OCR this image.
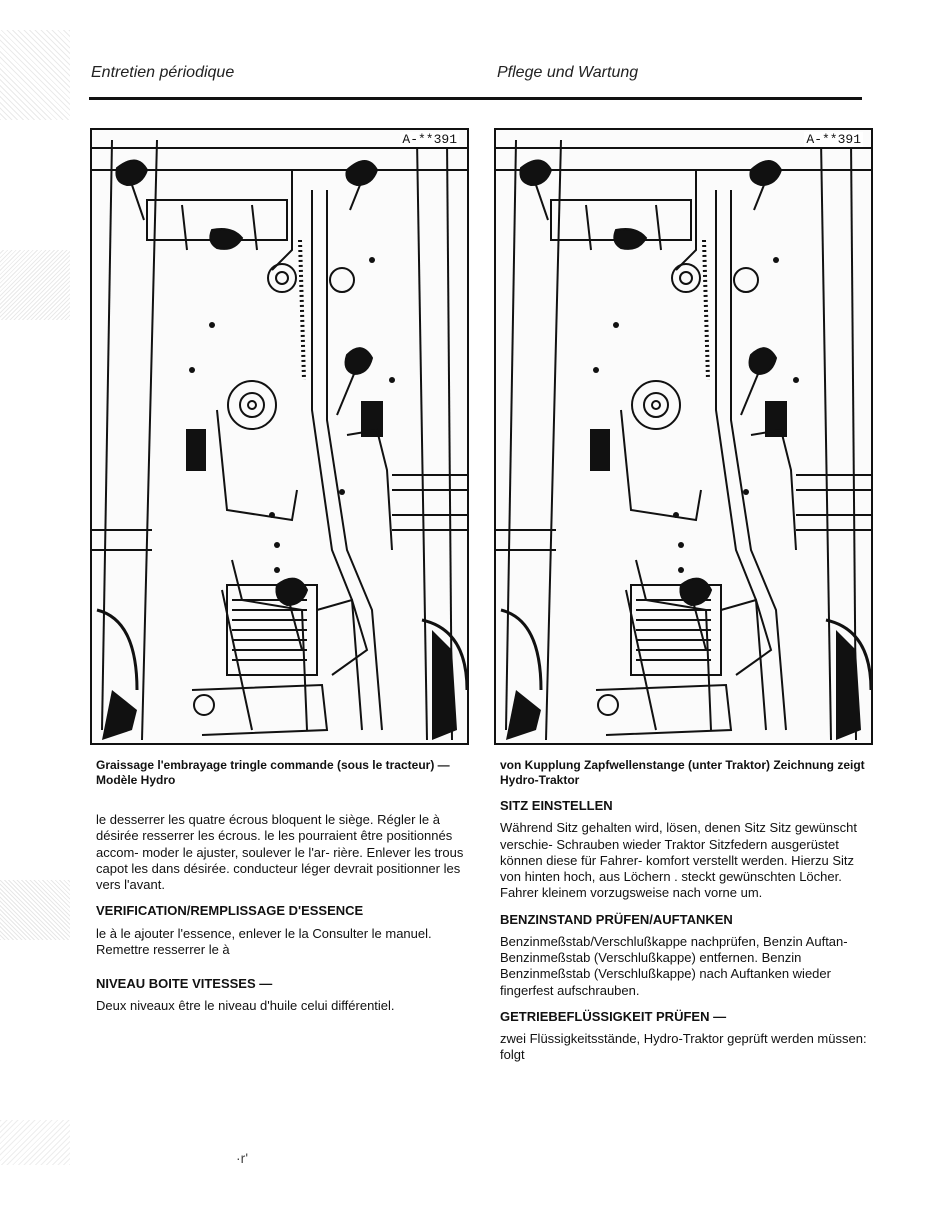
Entretien périodique	Pflege und Wartung
A-**391	A-**391

Graissage l'embrayage tringle commande (sous le tracteur) — Modèle Hydro

le desserrer les quatre écrous bloquent le siège. Régler le à désirée resserrer les écrous. le les pourraient être positionnés accom- moder le ajuster, soulever le l'ar- rière. Enlever les trous capot les dans désirée. conducteur léger devrait positionner les vers l'avant.

VERIFICATION/REMPLISSAGE D'ESSENCE

le à le ajouter l'essence, enlever le la Consulter le manuel. Remettre resserrer le à

NIVEAU BOITE VITESSES —

Deux niveaux être le niveau d'huile celui différentiel.

von Kupplung Zapfwellenstange (unter Traktor) Zeichnung zeigt Hydro-Traktor

SITZ EINSTELLEN

Während Sitz gehalten wird, lösen, denen Sitz Sitz gewünscht verschie- Schrauben wieder Traktor Sitzfedern ausgerüstet können diese für Fahrer- komfort verstellt werden. Hierzu Sitz von hinten hoch, aus Löchern . steckt gewünschten Löcher. Fahrer kleinem vorzugsweise nach vorne um.

BENZINSTAND PRÜFEN/AUFTANKEN

Benzinmeßstab/Verschlußkappe nachprüfen, Benzin Auftan- Benzinmeßstab (Verschlußkappe) entfernen. Benzin Benzinmeßstab (Verschlußkappe) nach Auftanken wieder fingerfest aufschrauben.

GETRIEBEFLÜSSIGKEIT PRÜFEN —

zwei Flüssigkeitsstände, Hydro-Traktor geprüft werden müssen: folgt

·r'
